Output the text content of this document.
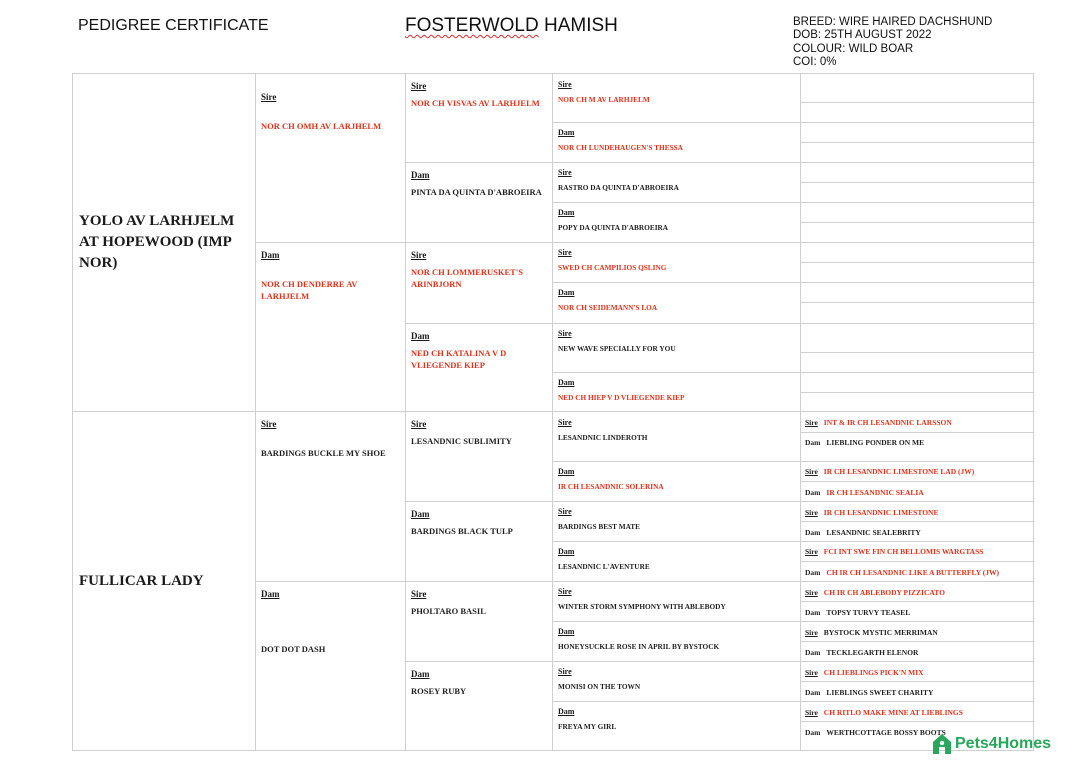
PEDIGREE CERTIFICATE	FOSTERWOLD HAMISH	BREED: WIRE HAIRED DACHSHUND
DOB: 25TH AUGUST 2022
COLOUR: WILD BOAR
COI: 0%
YOLO AV LARHJELM AT HOPEWOOD (IMP NOR)
FULLICAR LADY
Sire
NOR CH OMH AV LARJHELM
Dam
NOR CH DENDERRE AV LARHJELM
Sire
BARDINGS BUCKLE MY SHOE
Dam
DOT DOT DASH
Sire
NOR CH VISVAS AV LARHJELM
Dam
PINTA DA QUINTA D'ABROEIRA
Sire
NOR CH LOMMERUSKET'S ARINBJORN
Dam
NED CH KATALINA V D VLIEGENDE KIEP
Sire
LESANDNIC SUBLIMITY
Dam
BARDINGS BLACK TULP
Sire
PHOLTARO BASIL
Dam
ROSEY RUBY
Sire
NOR CH M AV LARHJELM
Dam
NOR CH LUNDEHAUGEN'S THESSA
Sire
RASTRO DA QUINTA D'ABROEIRA
Dam
POPY DA QUINTA D'ABROEIRA
Sire
SWED CH CAMPILIOS QSLING
Dam
NOR CH SEIDEMANN'S LOA
Sire
NEW WAVE SPECIALLY FOR YOU
Dam
NED CH HIEP V D VLIEGENDE KIEP
Sire
LESANDNIC LINDEROTH
Dam
IR CH LESANDNIC SOLERINA
Sire
BARDINGS BEST MATE
Dam
LESANDNIC L'AVENTURE
Sire
WINTER STORM SYMPHONY WITH ABLEBODY
Dam
HONEYSUCKLE ROSE IN APRIL BY BYSTOCK
Sire
MONISI ON THE TOWN
Dam
FREYA MY GIRL
Sire INT & IR CH LESANDNIC LARSSON
Dam LIEBLING PONDER ON ME
Sire IR CH LESANDNIC LIMESTONE LAD (JW)
Dam IR CH LESANDNIC SEALIA
Sire IR CH LESANDNIC LIMESTONE
Dam LESANDNIC SEALEBRITY
Sire FCI INT SWE FIN CH BELLOMIS WARGTASS
Dam CH IR CH LESANDNIC LIKE A BUTTERFLY (JW)
Sire CH IR CH ABLEBODY PIZZICATO
Dam TOPSY TURVY TEASEL
Sire BYSTOCK MYSTIC MERRIMAN
Dam TECKLEGARTH ELENOR
Sire CH LIEBLINGS PICK'N MIX
Dam LIEBLINGS SWEET CHARITY
Sire CH RITLO MAKE MINE AT LIEBLINGS
Dam WERTHCOTTAGE BOSSY BOOTS
Pets4Homes
